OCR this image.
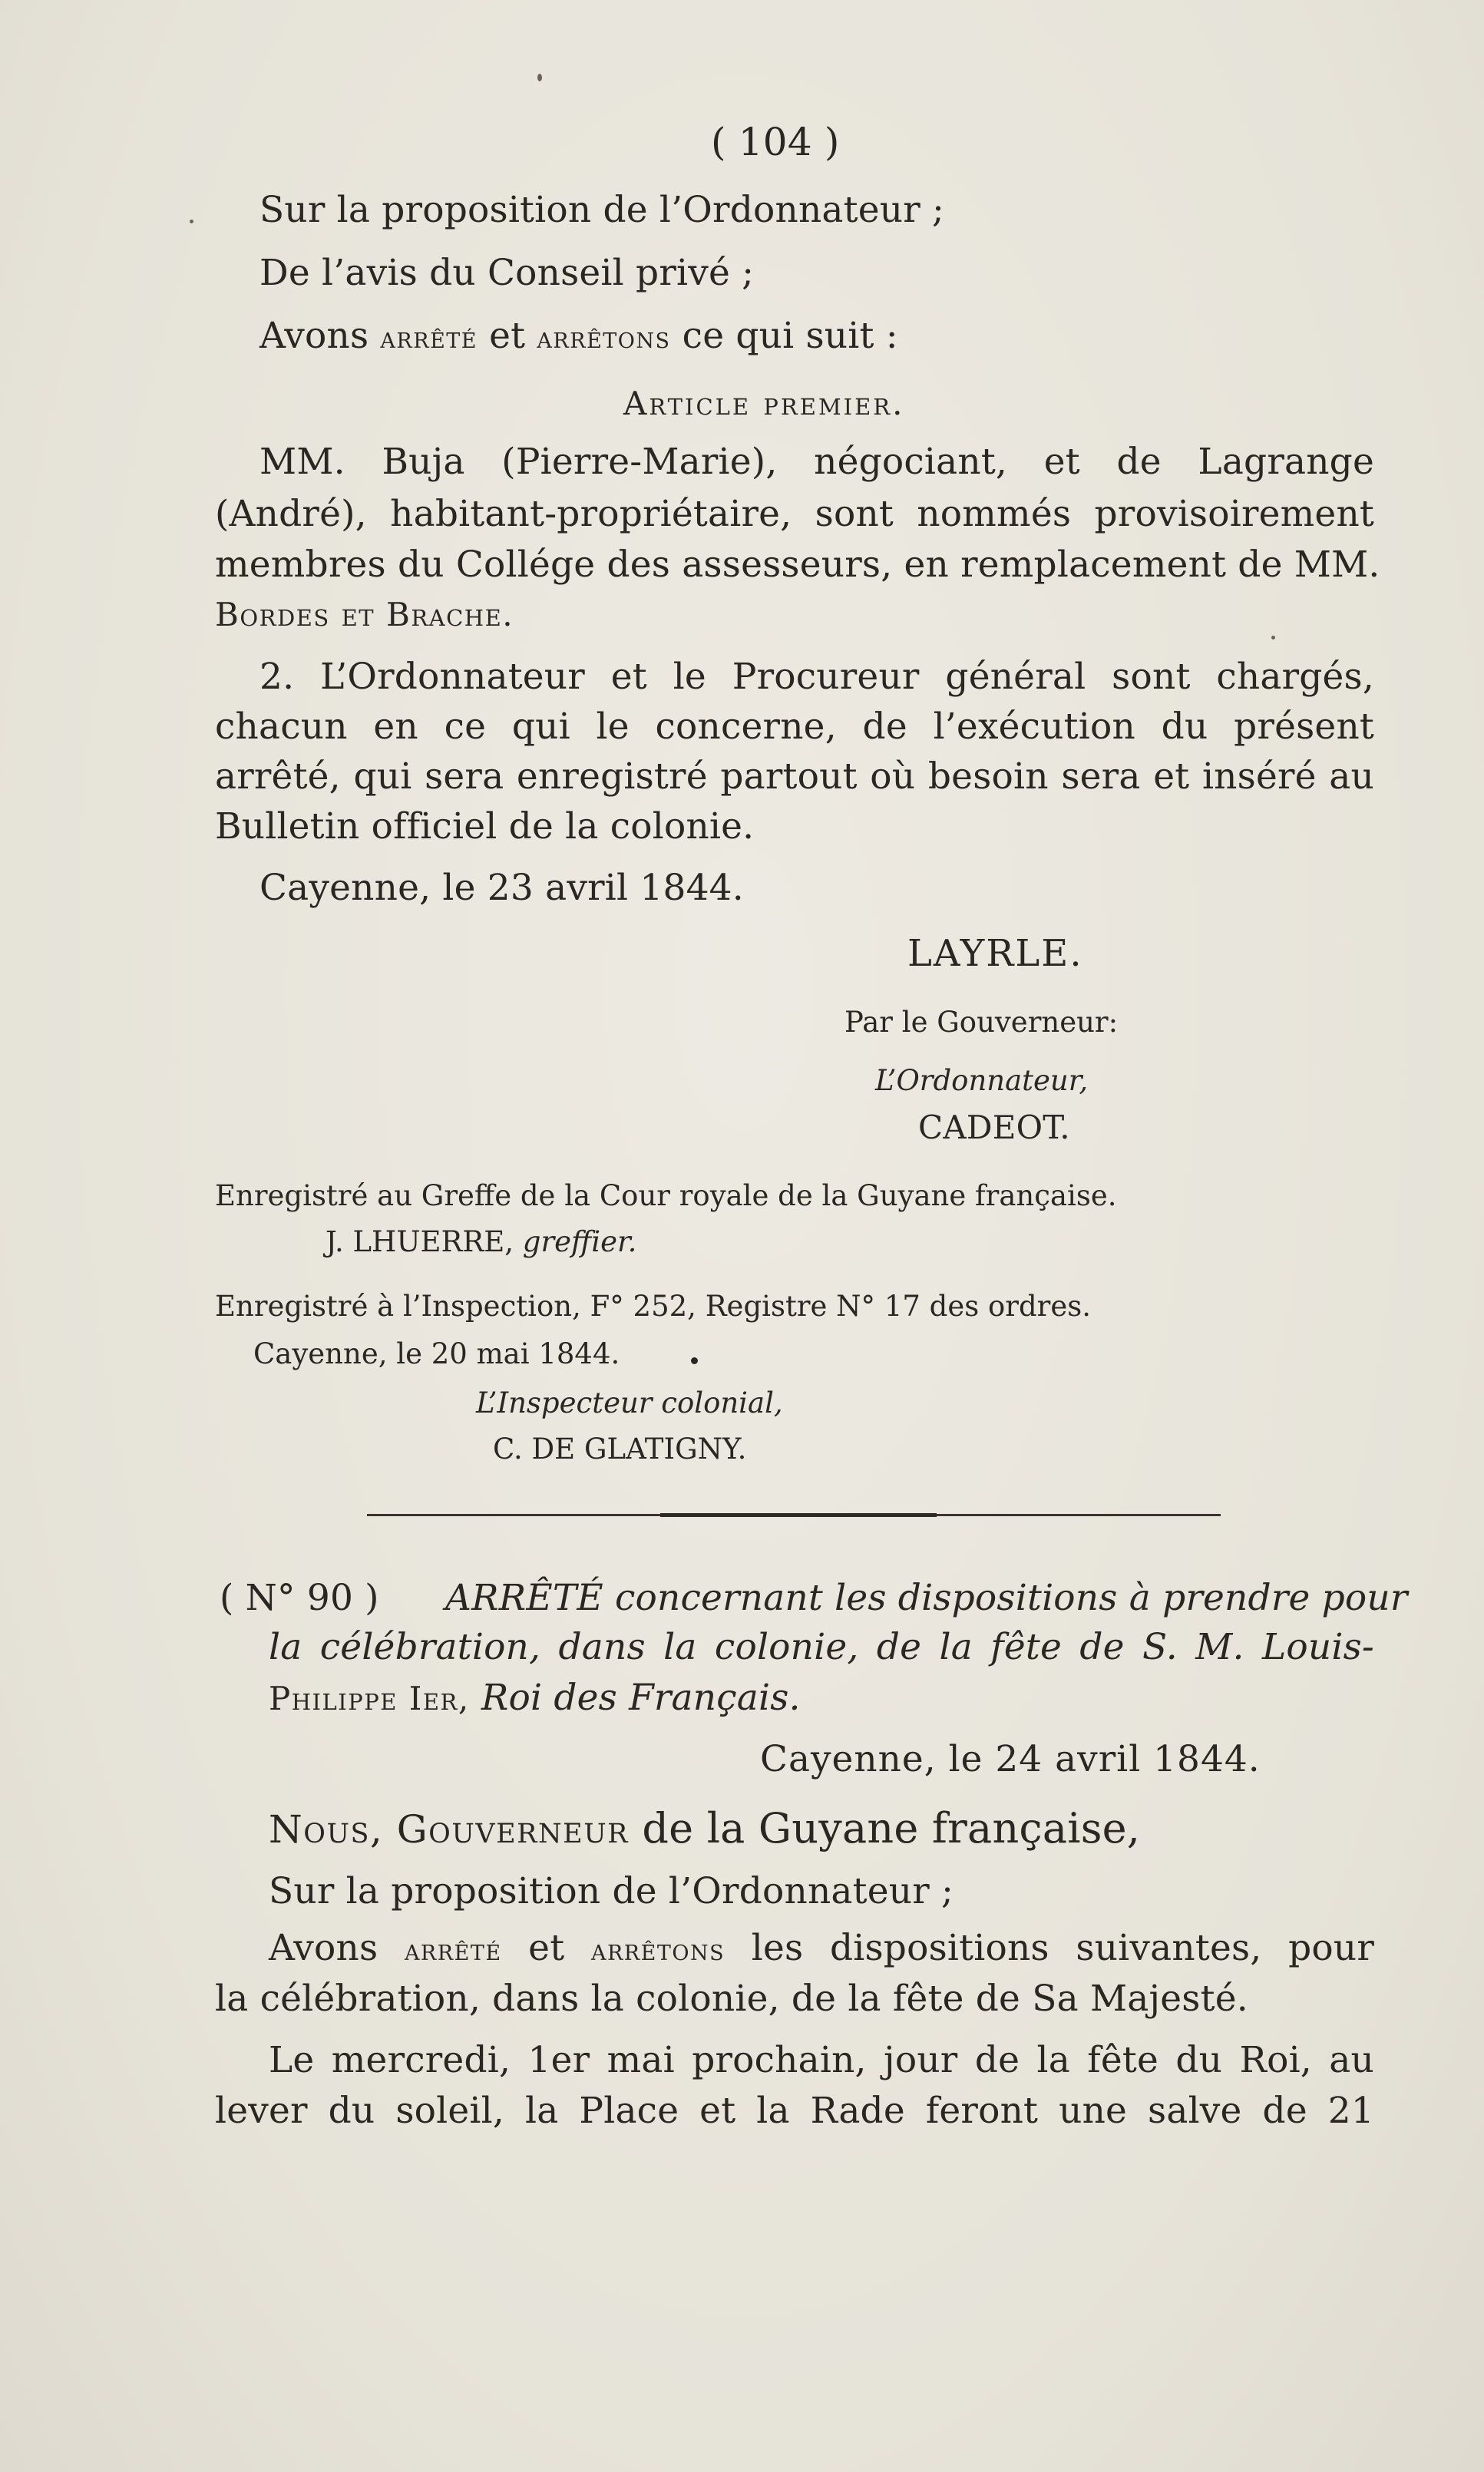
( 104 )
Sur la proposition de l’Ordonnateur ;
De l’avis du Conseil privé ;
Avons arrêté et arrêtons ce qui suit :
Article premier.
MM. Buja (Pierre-Marie), négociant, et de Lagrange
(André), habitant-propriétaire, sont nommés provisoirement
membres du Collége des assesseurs, en remplacement de MM.
Bordes et Brache.
2. L’Ordonnateur et le Procureur général sont chargés,
chacun en ce qui le concerne, de l’exécution du présent
arrêté, qui sera enregistré partout où besoin sera et inséré au
Bulletin officiel de la colonie.
Cayenne, le 23 avril 1844.
LAYRLE.
Par le Gouverneur:
L’Ordonnateur,
CADEOT.
Enregistré au Greffe de la Cour royale de la Guyane française.
J. LHUERRE, greffier.
Enregistré à l’Inspection, F° 252, Registre N° 17 des ordres.
Cayenne, le 20 mai 1844.
L’Inspecteur colonial,
C. DE GLATIGNY.
( N° 90 ) ARRÊTÉ concernant les dispositions à prendre pour
la célébration, dans la colonie, de la fête de S. M. Louis-
Philippe Ier, Roi des Français.
Cayenne, le 24 avril 1844.
Nous, Gouverneur de la Guyane française,
Sur la proposition de l’Ordonnateur ;
Avons arrêté et arrêtons les dispositions suivantes, pour
la célébration, dans la colonie, de la fête de Sa Majesté.
Le mercredi, 1er mai prochain, jour de la fête du Roi, au
lever du soleil, la Place et la Rade feront une salve de 21
